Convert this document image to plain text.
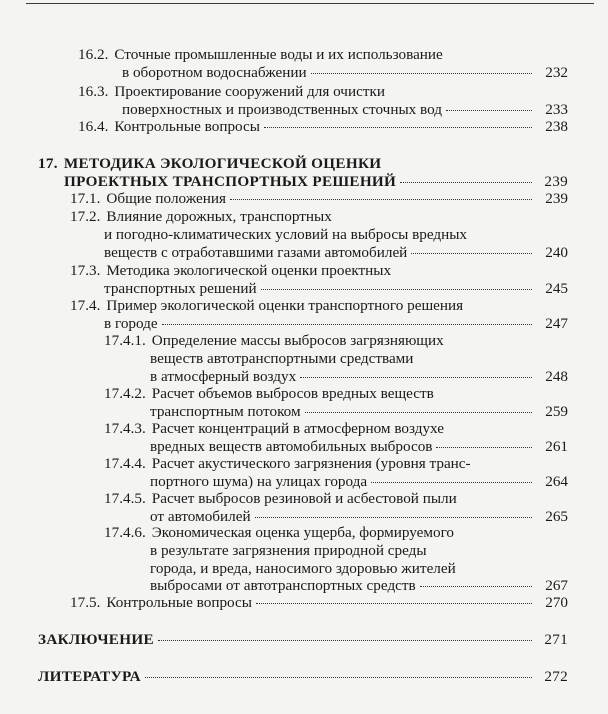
16.2. Сточные промышленные воды и их использование
в оборотном водоснабжении	232
16.3. Проектирование сооружений для очистки
поверхностных и производственных сточных вод	233
16.4. Контрольные вопросы	238
17. МЕТОДИКА ЭКОЛОГИЧЕСКОЙ ОЦЕНКИ
ПРОЕКТНЫХ ТРАНСПОРТНЫХ РЕШЕНИЙ	239
17.1. Общие положения	239
17.2. Влияние дорожных, транспортных
и погодно-климатических условий на выбросы вредных
веществ с отработавшими газами автомобилей	240
17.3. Методика экологической оценки проектных
транспортных решений	245
17.4. Пример экологической оценки транспортного решения
в городе	247
17.4.1. Определение массы выбросов загрязняющих
веществ автотранспортными средствами
в атмосферный воздух	248
17.4.2. Расчет объемов выбросов вредных веществ
транспортным потоком	259
17.4.3. Расчет концентраций в атмосферном воздухе
вредных веществ автомобильных выбросов	261
17.4.4. Расчет акустического загрязнения (уровня транс-
портного шума) на улицах города	264
17.4.5. Расчет выбросов резиновой и асбестовой пыли
от автомобилей	265
17.4.6. Экономическая оценка ущерба, формируемого
в результате загрязнения природной среды
города, и вреда, наносимого здоровью жителей
выбросами от автотранспортных средств	267
17.5. Контрольные вопросы	270
ЗАКЛЮЧЕНИЕ	271
ЛИТЕРАТУРА	272
